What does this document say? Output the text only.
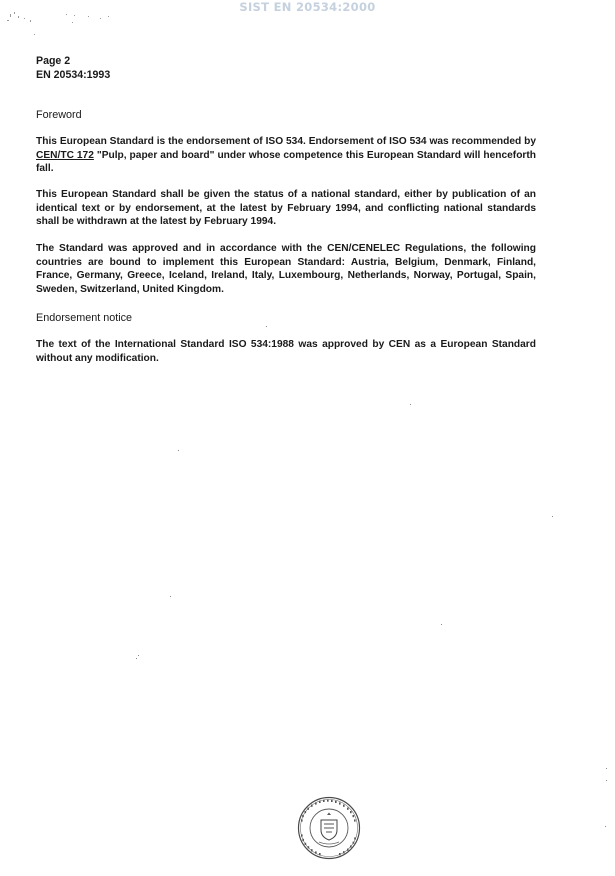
SIST EN 20534:2000
Page 2
EN 20534:1993
Foreword
This European Standard is the endorsement of ISO 534. Endorsement of ISO 534 was recommended by CEN/TC 172 "Pulp, paper and board" under whose competence this European Standard will henceforth fall.
This European Standard shall be given the status of a national standard, either by publication of an identical text or by endorsement, at the latest by February 1994, and conflicting national standards shall be withdrawn at the latest by February 1994.
The Standard was approved and in accordance with the CEN/CENELEC Regulations, the following countries are bound to implement this European Standard: Austria, Belgium, Denmark, Finland, France, Germany, Greece, Iceland, Ireland, Italy, Luxembourg, Netherlands, Norway, Portugal, Spain, Sweden, Switzerland, United Kingdom.
Endorsement notice
The text of the International Standard ISO 534:1988 was approved by CEN as a European Standard without any modification.
